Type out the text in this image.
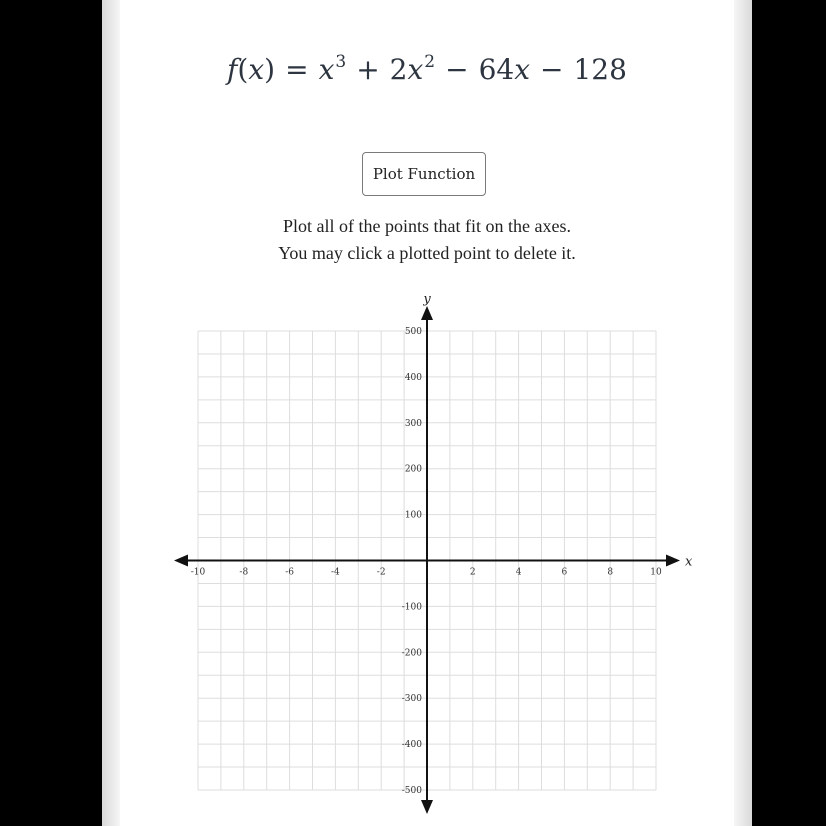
$f(x) = x^3 + 2x^2 - 64x - 128$
Plot Function
Plot all of the points that fit on the axes.
You may click a plotted point to delete it.
x
y
-10	-8	-6	-4	-2	2	4	6	8	10
500
400
300
200
100
-100
-200
-300
-400
-500
